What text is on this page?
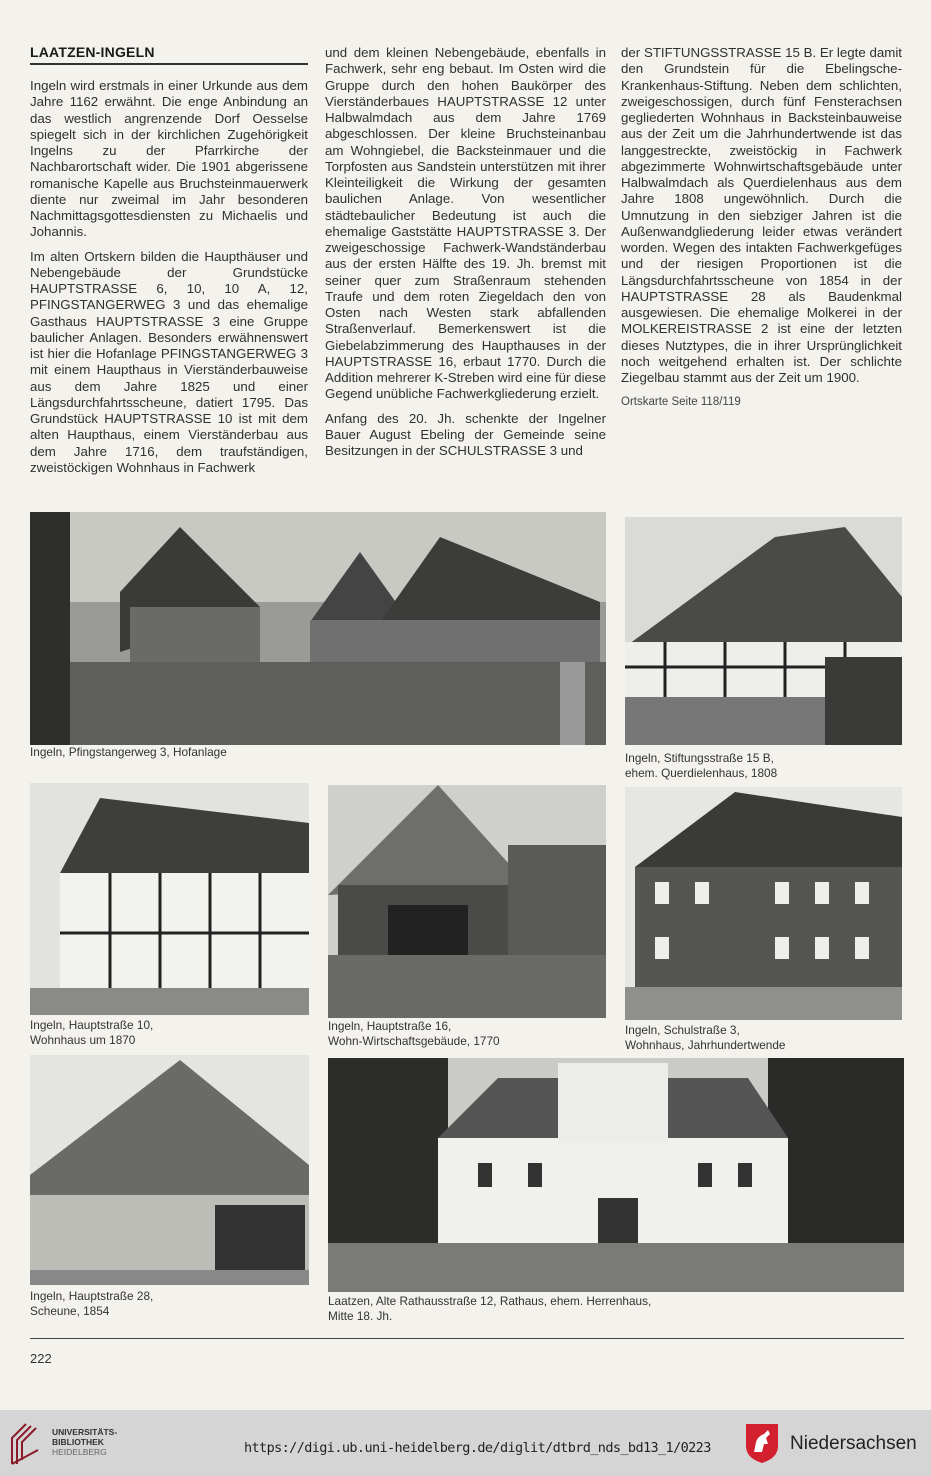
LAATZEN-INGELN

Ingeln wird erstmals in einer Urkunde aus dem Jahre 1162 erwähnt. Die enge Anbindung an das westlich angrenzende Dorf Oesselse spiegelt sich in der kirchlichen Zugehörigkeit Ingelns zu der Pfarrkirche der Nachbarortschaft wider. Die 1901 abgerissene romanische Kapelle aus Bruchsteinmauerwerk diente nur zweimal im Jahr besonderen Nachmittagsgottesdiensten zu Michaelis und Johannis.

Im alten Ortskern bilden die Haupthäuser und Nebengebäude der Grundstücke HAUPTSTRASSE 6, 10, 10 A, 12, PFINGSTANGERWEG 3 und das ehemalige Gasthaus HAUPTSTRASSE 3 eine Gruppe baulicher Anlagen. Besonders erwähnenswert ist hier die Hofanlage PFINGSTANGERWEG 3 mit einem Haupthaus in Vierständerbauweise aus dem Jahre 1825 und einer Längsdurchfahrtsscheune, datiert 1795. Das Grundstück HAUPTSTRASSE 10 ist mit dem alten Haupthaus, einem Vierständerbau aus dem Jahre 1716, dem traufständigen, zweistöckigen Wohnhaus in Fachwerk

und dem kleinen Nebengebäude, ebenfalls in Fachwerk, sehr eng bebaut. Im Osten wird die Gruppe durch den hohen Baukörper des Vierständerbaues HAUPTSTRASSE 12 unter Halbwalmdach aus dem Jahre 1769 abgeschlossen. Der kleine Bruchsteinanbau am Wohngiebel, die Backsteinmauer und die Torpfosten aus Sandstein unterstützen mit ihrer Kleinteiligkeit die Wirkung der gesamten baulichen Anlage. Von wesentlicher städtebaulicher Bedeutung ist auch die ehemalige Gaststätte HAUPTSTRASSE 3. Der zweigeschossige Fachwerk-Wandständerbau aus der ersten Hälfte des 19. Jh. bremst mit seiner quer zum Straßenraum stehenden Traufe und dem roten Ziegeldach den von Osten nach Westen stark abfallenden Straßenverlauf. Bemerkenswert ist die Giebelabzimmerung des Haupthauses in der HAUPTSTRASSE 16, erbaut 1770. Durch die Addition mehrerer K-Streben wird eine für diese Gegend unübliche Fachwerkgliederung erzielt.

Anfang des 20. Jh. schenkte der Ingelner Bauer August Ebeling der Gemeinde seine Besitzungen in der SCHULSTRASSE 3 und

der STIFTUNGSSTRASSE 15 B. Er legte damit den Grundstein für die Ebelingsche-Krankenhaus-Stiftung. Neben dem schlichten, zweigeschossigen, durch fünf Fensterachsen gegliederten Wohnhaus in Backsteinbauweise aus der Zeit um die Jahrhundertwende ist das langgestreckte, zweistöckig in Fachwerk abgezimmerte Wohnwirtschaftsgebäude unter Halbwalmdach als Querdielenhaus aus dem Jahre 1808 ungewöhnlich. Durch die Umnutzung in den siebziger Jahren ist die Außenwandgliederung leider etwas verändert worden. Wegen des intakten Fachwerkgefüges und der riesigen Proportionen ist die Längsdurchfahrtsscheune von 1854 in der HAUPTSTRASSE 28 als Baudenkmal ausgewiesen. Die ehemalige Molkerei in der MOLKEREISTRASSE 2 ist eine der letzten dieses Nutztypes, die in ihrer Ursprünglichkeit noch weitgehend erhalten ist. Der schlichte Ziegelbau stammt aus der Zeit um 1900.

Ortskarte Seite 118/119

Ingeln, Pfingstangerweg 3, Hofanlage	Ingeln, Stiftungsstraße 15 B,
ehem. Querdielenhaus, 1808
Ingeln, Hauptstraße 10,
Wohnhaus um 1870
Ingeln, Hauptstraße 16,
Wohn-Wirtschaftsgebäude, 1770
Ingeln, Schulstraße 3,
Wohnhaus, Jahrhundertwende
Ingeln, Hauptstraße 28,
Scheune, 1854
Laatzen, Alte Rathausstraße 12, Rathaus, ehem. Herrenhaus,
Mitte 18. Jh.
222
UNIVERSITÄTS-
BIBLIOTHEK
HEIDELBERG	https://digi.ub.uni-heidelberg.de/diglit/dtbrd_nds_bd13_1/0223	Niedersachsen
